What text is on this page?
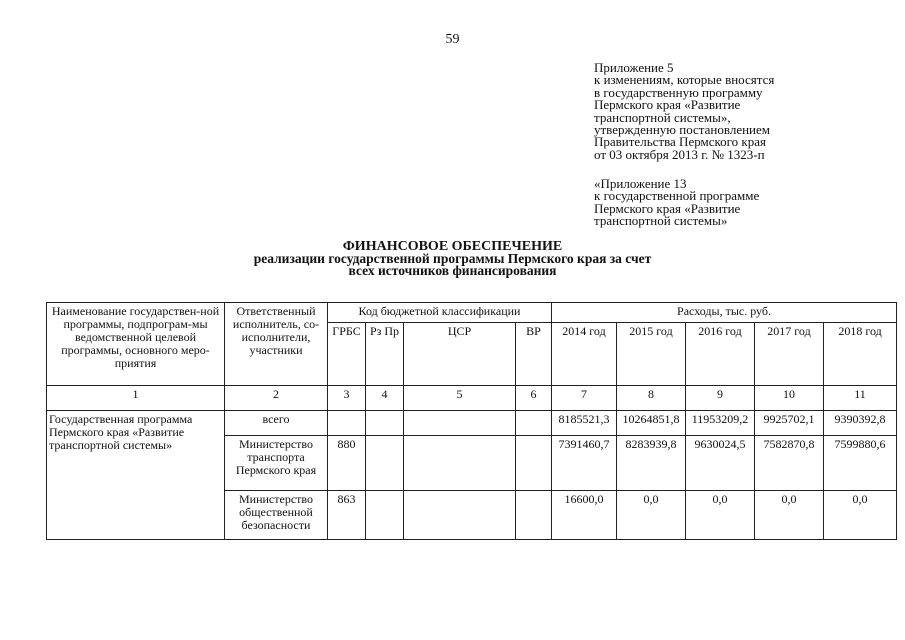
59
Приложение 5
к изменениям, которые вносятся
в государственную программу
Пермского края «Развитие
транспортной системы»,
утвержденную постановлением
Правительства Пермского края
от 03 октября 2013 г. № 1323-п
«Приложение 13
к государственной программе
Пермского края «Развитие
транспортной системы»
ФИНАНСОВОЕ ОБЕСПЕЧЕНИЕ
реализации государственной программы Пермского края за счет
всех источников финансирования
Наименование государствен-ной программы, подпрограм-мы ведомственной целевой программы, основного меро-приятия	Ответственный исполнитель, со-исполнители, участники	Код бюджетной классификации				Расходы, тыс. руб.				
		ГРБС	Рз Пр	ЦСР	ВР	2014 год	2015 год	2016 год	2017 год	2018 год
1	2	3	4	5	6	7	8	9	10	11
Государственная программа Пермского края «Развитие транспортной системы»	всего					8185521,3	10264851,8	11953209,2	9925702,1	9390392,8
	Министерство транспорта Пермского края	880				7391460,7	8283939,8	9630024,5	7582870,8	7599880,6
	Министерство общественной безопасности	863				16600,0	0,0	0,0	0,0	0,0
